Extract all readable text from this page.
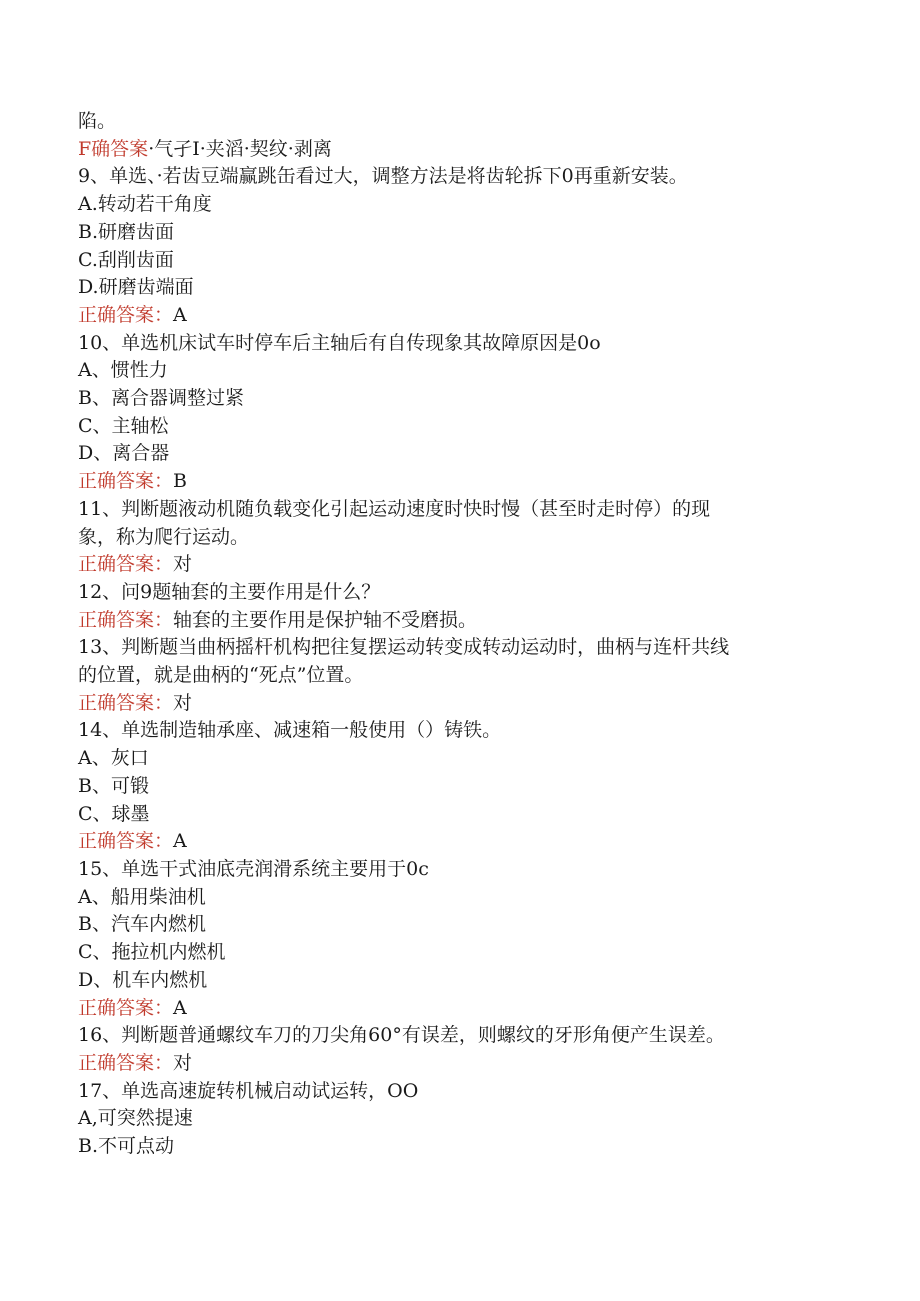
陷。

F确答案·气孑I·夹滔·契纹·剥离

9、单选、·若齿豆端赢跳缶看过大，调整方法是将齿轮拆下0再重新安装。

A.转动若干角度

B.研磨齿面

C.刮削齿面

D.研磨齿端面

正确答案：A

10、单选机床试车时停车后主轴后有自传现象其故障原因是0o

A、惯性力

B、离合器调整过紧

C、主轴松

D、离合器

正确答案：B

11、判断题液动机随负载变化引起运动速度时快时慢（甚至时走时停）的现

象，称为爬行运动。

正确答案：对

12、问9题轴套的主要作用是什么？

正确答案：轴套的主要作用是保护轴不受磨损。

13、判断题当曲柄摇杆机构把往复摆运动转变成转动运动时，曲柄与连杆共线

的位置，就是曲柄的“死点”位置。

正确答案：对

14、单选制造轴承座、减速箱一般使用（）铸铁。

A、灰口

B、可锻

C、球墨

正确答案：A

15、单选干式油底壳润滑系统主要用于0c

A、船用柴油机

B、汽车内燃机

C、拖拉机内燃机

D、机车内燃机

正确答案：A

16、判断题普通螺纹车刀的刀尖角60°有误差，则螺纹的牙形角便产生误差。

正确答案：对

17、单选高速旋转机械启动试运转，OO

A,可突然提速

B.不可点动
